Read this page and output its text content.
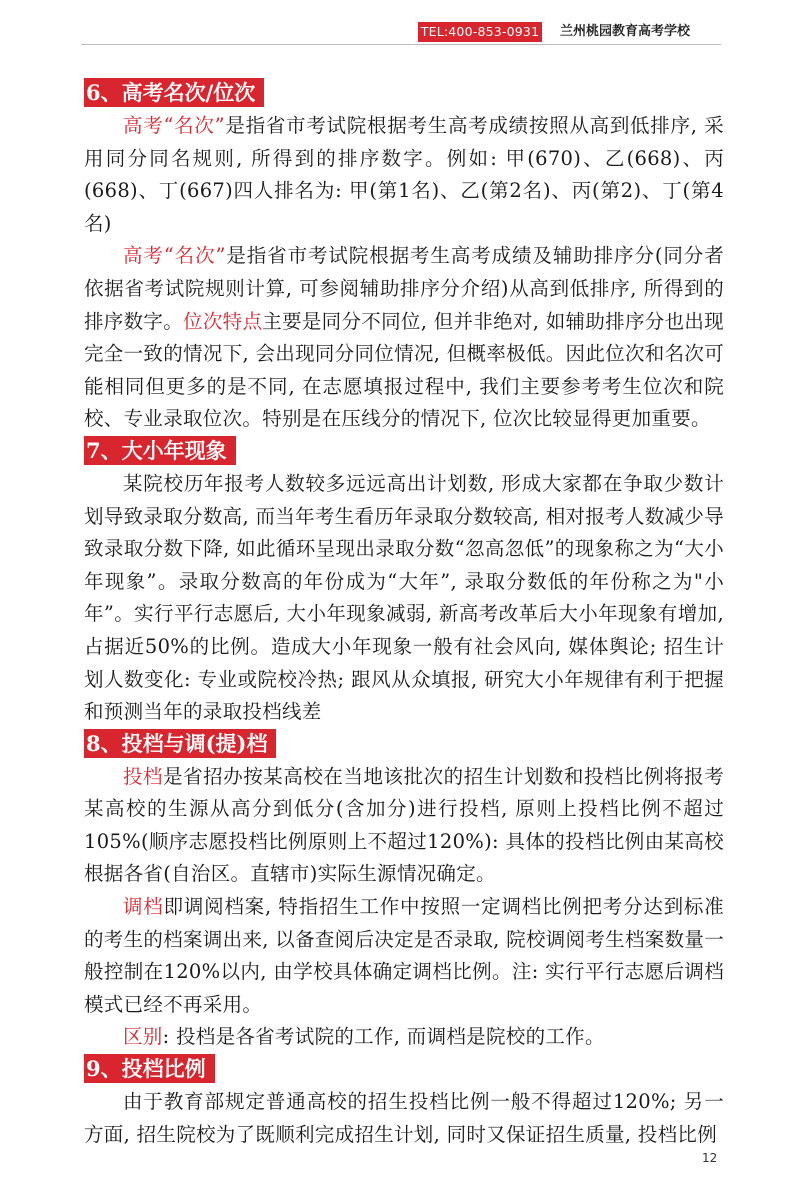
TEL:400-853-0931 兰州桃园教育高考学校
6、高考名次/位次

高考“名次”是指省市考试院根据考生高考成绩按照从高到低排序, 采用同分同名规则, 所得到的排序数字。例如: 甲(670)、乙(668)、丙(668)、丁(667)四人排名为: 甲(第1名)、乙(第2名)、丙(第2)、丁(第4名)

高考“名次”是指省市考试院根据考生高考成绩及辅助排序分(同分者依据省考试院规则计算, 可参阅辅助排序分介绍)从高到低排序, 所得到的排序数字。位次特点主要是同分不同位, 但并非绝对, 如辅助排序分也出现完全一致的情况下, 会出现同分同位情况, 但概率极低。因此位次和名次可能相同但更多的是不同, 在志愿填报过程中, 我们主要参考考生位次和院校、专业录取位次。特别是在压线分的情况下, 位次比较显得更加重要。

7、大小年现象

某院校历年报考人数较多远远高出计划数, 形成大家都在争取少数计划导致录取分数高, 而当年考生看历年录取分数较高, 相对报考人数减少导致录取分数下降, 如此循环呈现出录取分数“忽高忽低”的现象称之为“大小年现象”。录取分数高的年份成为“大年”, 录取分数低的年份称之为"小年”。实行平行志愿后, 大小年现象减弱, 新高考改革后大小年现象有增加, 占据近50%的比例。造成大小年现象一般有社会风向, 媒体舆论; 招生计划人数变化: 专业或院校冷热; 跟风从众填报, 研究大小年规律有利于把握和预测当年的录取投档线差

8、投档与调(提)档

投档是省招办按某高校在当地该批次的招生计划数和投档比例将报考某高校的生源从高分到低分(含加分)进行投档, 原则上投档比例不超过105%(顺序志愿投档比例原则上不超过120%): 具体的投档比例由某高校根据各省(自治区。直辖市)实际生源情况确定。

调档即调阅档案, 特指招生工作中按照一定调档比例把考分达到标准的考生的档案调出来, 以备查阅后决定是否录取, 院校调阅考生档案数量一般控制在120%以内, 由学校具体确定调档比例。注: 实行平行志愿后调档模式已经不再采用。

区别: 投档是各省考试院的工作, 而调档是院校的工作。

9、投档比例

由于教育部规定普通高校的招生投档比例一般不得超过120%; 另一方面, 招生院校为了既顺利完成招生计划, 同时又保证招生质量, 投档比例

12
